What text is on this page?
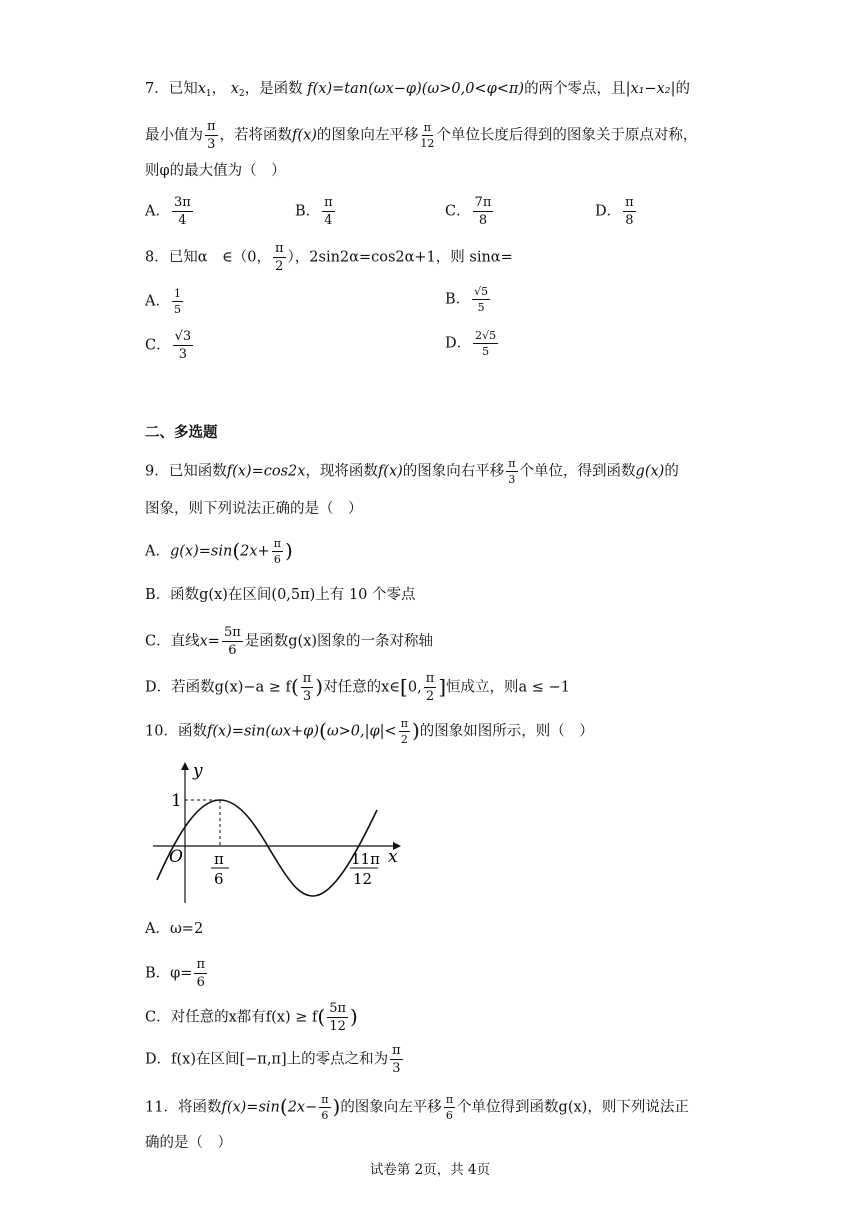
7．已知$x_1$， $x_2$，是函数 f(x)=tan(ωx−φ)(ω>0,0<φ<π)的两个零点，且|x₁−x₂|的
最小值为 $\frac{\pi}{3}$ ，若将函数f(x)的图象向左平移 $\frac{\pi}{12}$ 个单位长度后得到的图象关于原点对称，
则φ的最大值为（　）
A． $\frac{3\pi}{4}$	B． $\frac{\pi}{4}$	C． $\frac{7\pi}{8}$	D． $\frac{\pi}{8}$
8．已知α　∈（0， $\frac{\pi}{2}$ ），2sin2α=cos2α+1，则 sinα=
A． $\frac{1}{5}$	B． $\frac{√5}{5}$
C． $\frac{√3}{3}$	D． $\frac{2√5}{5}$
二、多选题
9．已知函数f(x)=cos2x，现将函数f(x)的图象向右平移 $\frac{\pi}{3}$ 个单位，得到函数g(x)的
图象，则下列说法正确的是（　）
A．$g(x)=\sin(2x+ \frac{\pi}{6}$ )
B．函数g(x)在区间(0,5π)上有 10 个零点
C．直线$x= \frac{5\pi}{6}$ 是函数g(x)图象的一条对称轴
D．若函数$g(x)-a \ge f( \frac{\pi}{3}$ )对任意的x∈[0, $\frac{\pi}{2}$ ]恒成立，则a ≤ −1
10．函数$f(x)=\sin(\omega x+\varphi)(\omega>0,|\varphi|< \frac{\pi}{2}$ )的图象如图所示，则（　）
y
x
O
1
π
6
11π
12
A．ω=2
B．$\varphi= \frac{\pi}{6}$
C．对任意的x都有$f(x) \ge f( \frac{5\pi}{12}$ )
D．f(x)在区间[−π,π]上的零点之和为 $\frac{\pi}{3}$
11．将函数$f(x)=\sin(2x- \frac{\pi}{6}$ )的图象向左平移 $\frac{\pi}{6}$ 个单位得到函数g(x)，则下列说法正
确的是（　）
试卷第 2页，共 4页
